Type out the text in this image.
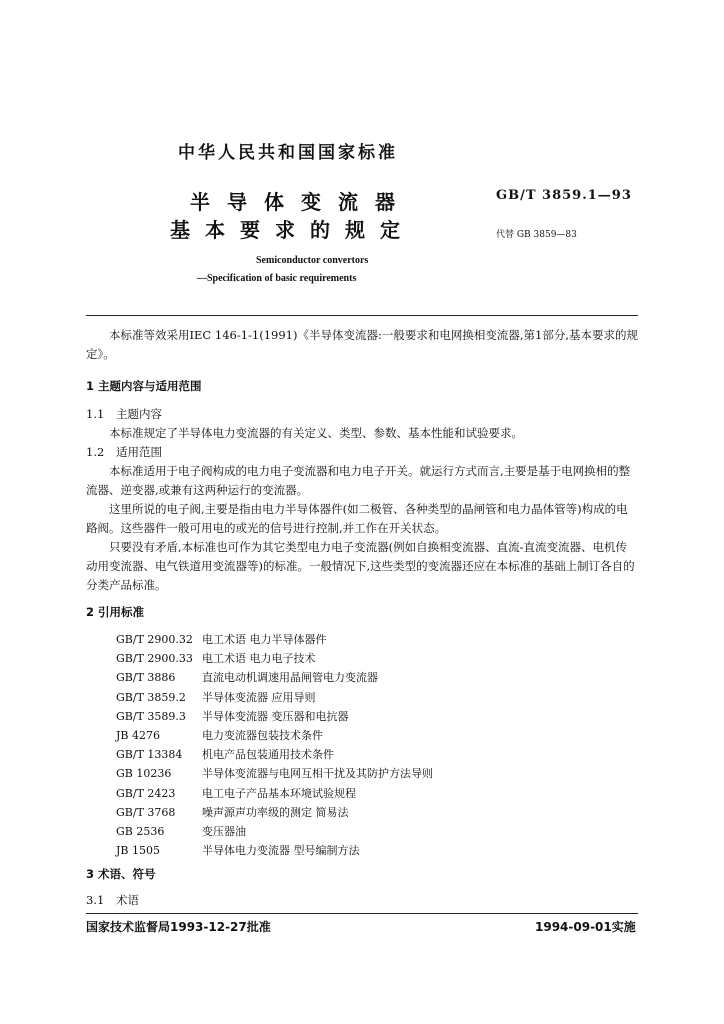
中华人民共和国国家标准
半导体变流器
基本要求的规定
GB/T 3859.1—93
代替 GB 3859—83
Semiconductor convertors
—Specification of basic requirements
本标准等效采用IEC 146-1-1(1991)《半导体变流器:一般要求和电网换相变流器,第1部分,基本要求的规定》。
1 主题内容与适用范围
1.1 主题内容
本标准规定了半导体电力变流器的有关定义、类型、参数、基本性能和试验要求。
1.2 适用范围
本标准适用于电子阀构成的电力电子变流器和电力电子开关。就运行方式而言,主要是基于电网换相的整流器、逆变器,或兼有这两种运行的变流器。
这里所说的电子阀,主要是指由电力半导体器件(如二极管、各种类型的晶闸管和电力晶体管等)构成的电路阀。这些器件一般可用电的或光的信号进行控制,并工作在开关状态。
只要没有矛盾,本标准也可作为其它类型电力电子变流器(例如自换相变流器、直流-直流变流器、电机传动用变流器、电气铁道用变流器等)的标准。一般情况下,这些类型的变流器还应在本标准的基础上制订各自的分类产品标准。
2 引用标准
GB/T 2900.32 电工术语 电力半导体器件
GB/T 2900.33 电工术语 电力电子技术
GB/T 3886 直流电动机调速用晶闸管电力变流器
GB/T 3859.2 半导体变流器 应用导则
GB/T 3589.3 半导体变流器 变压器和电抗器
JB 4276	电力变流器包装技术条件
GB/T 13384 机电产品包装通用技术条件
GB 10236	半导体变流器与电网互相干扰及其防护方法导则
GB/T 2423 电工电子产品基本环境试验规程
GB/T 3768 噪声源声功率级的测定 简易法
GB 2536	变压器油
JB 1505	半导体电力变流器 型号编制方法
3 术语、符号
3.1 术语
国家技术监督局1993-12-27批准	1994-09-01实施
